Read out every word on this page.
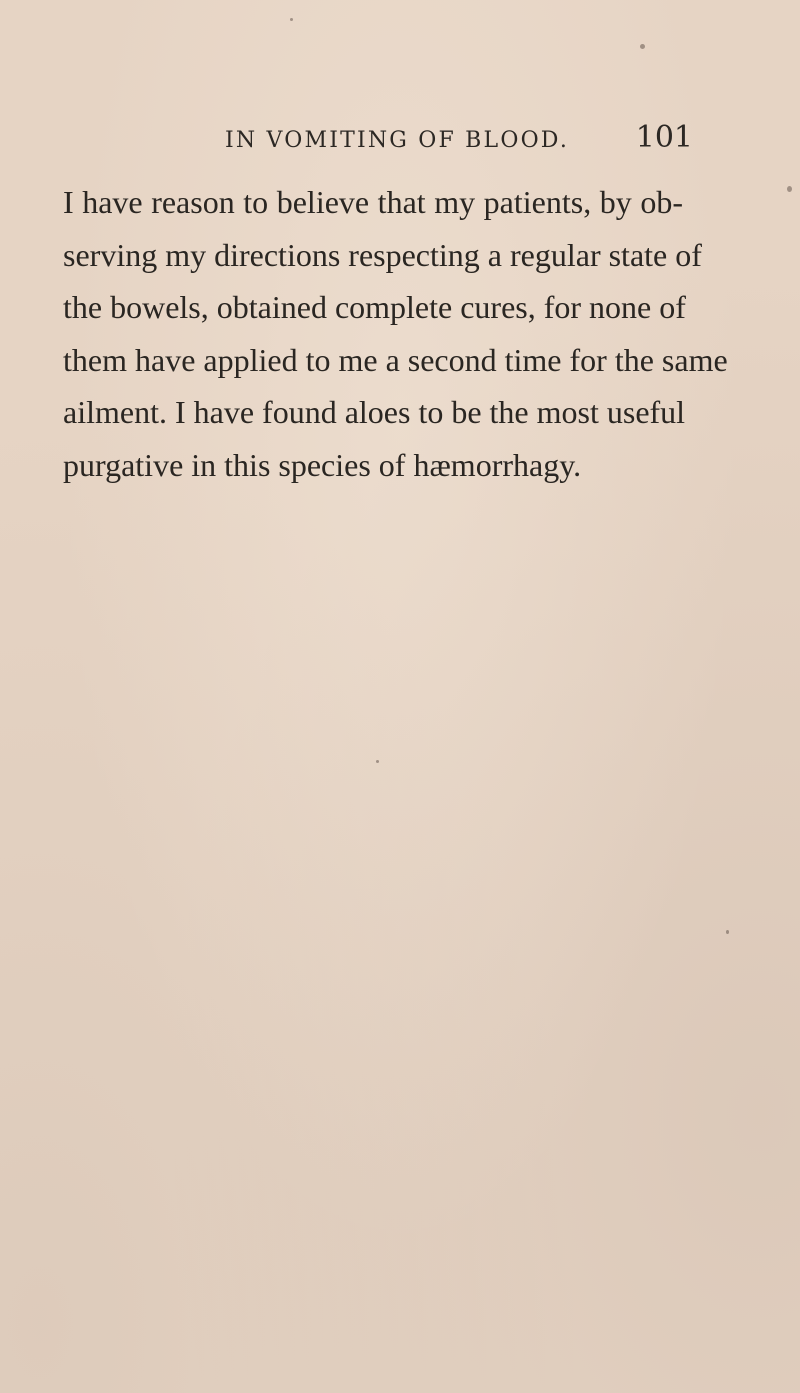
IN VOMITING OF BLOOD. 101
I have reason to believe that my patients, by ob-
serving my directions respecting a regular state of
the bowels, obtained complete cures, for none of
them have applied to me a second time for the same
ailment. I have found aloes to be the most useful
purgative in this species of hæmorrhagy.
